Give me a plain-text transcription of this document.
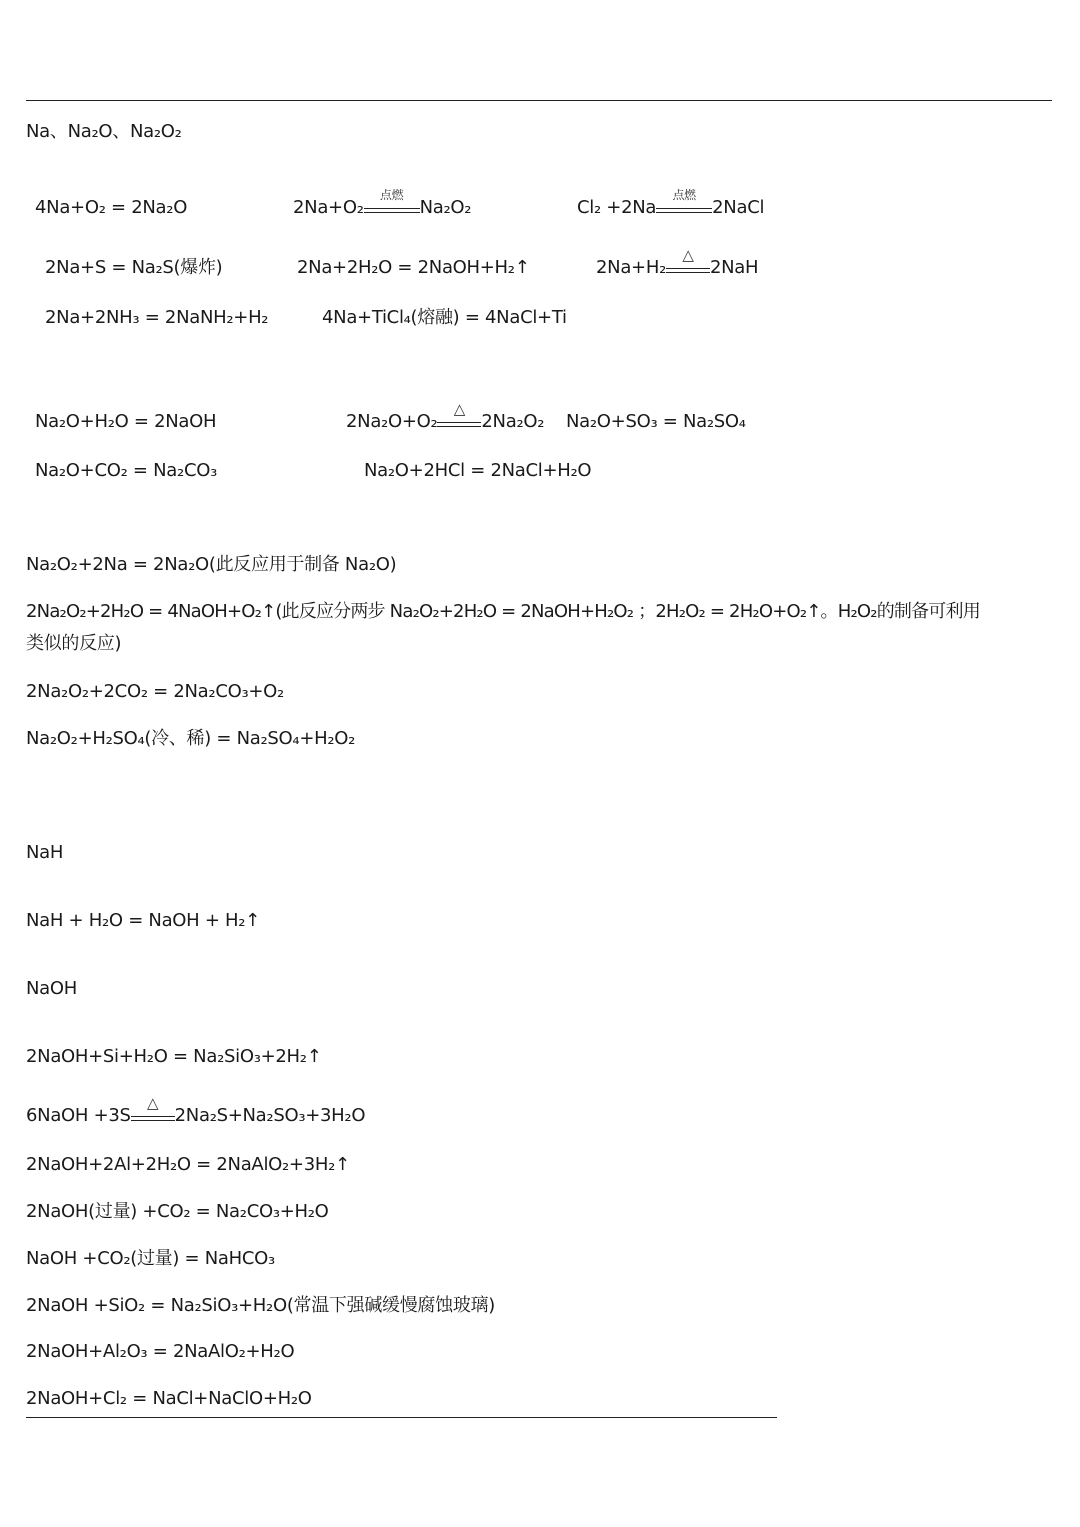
Na、Na₂O、Na₂O₂
4Na+O₂ = 2Na₂O	2Na+O₂
点燃
Na₂O₂	Cl₂ +2Na
点燃
2NaCl
2Na+S = Na₂S(爆炸)	2Na+2H₂O = 2NaOH+H₂↑	2Na+H₂
△
2NaH
2Na+2NH₃ = 2NaNH₂+H₂	4Na+TiCl₄(熔融) = 4NaCl+Ti
Na₂O+H₂O = 2NaOH	2Na₂O+O₂
△
2Na₂O₂ Na₂O+SO₃ = Na₂SO₄
Na₂O+CO₂ = Na₂CO₃	Na₂O+2HCl = 2NaCl+H₂O
Na₂O₂+2Na = 2Na₂O(此反应用于制备 Na₂O)
2Na₂O₂+2H₂O = 4NaOH+O₂↑(此反应分两步 Na₂O₂+2H₂O = 2NaOH+H₂O₂ ；2H₂O₂ = 2H₂O+O₂↑。H₂O₂的制备可利用
类似的反应)
2Na₂O₂+2CO₂ = 2Na₂CO₃+O₂
Na₂O₂+H₂SO₄(冷、稀) = Na₂SO₄+H₂O₂
NaH
NaH + H₂O = NaOH + H₂↑
NaOH
2NaOH+Si+H₂O = Na₂SiO₃+2H₂↑
6NaOH +3S
△
2Na₂S+Na₂SO₃+3H₂O
2NaOH+2Al+2H₂O = 2NaAlO₂+3H₂↑
2NaOH(过量) +CO₂ = Na₂CO₃+H₂O
NaOH +CO₂(过量) = NaHCO₃
2NaOH +SiO₂ = Na₂SiO₃+H₂O(常温下强碱缓慢腐蚀玻璃)
2NaOH+Al₂O₃ = 2NaAlO₂+H₂O
2NaOH+Cl₂ = NaCl+NaClO+H₂O
